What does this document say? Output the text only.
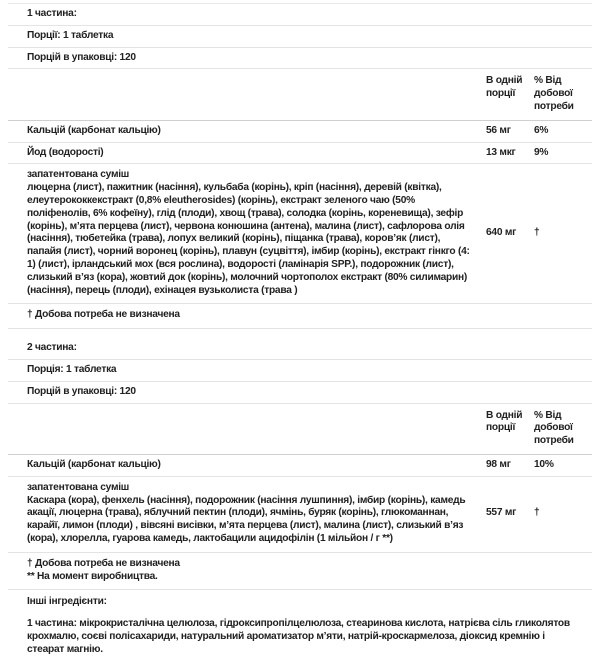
1 частина:
Порції: 1 таблетка
Порцій в упаковці: 120
В одній порції
% Від добової потреби
Кальцій (карбонат кальцію)	56 мг	6%
Йод (водорості)	13 мкг	9%
запатентована суміш
люцерна (лист), пажитник (насіння), кульбаба (корінь), кріп (насіння), деревій (квітка), елеутерококкекстракт (0,8% eleutherosides) (корінь), екстракт зеленого чаю (50% поліфенолів, 6% кофеїну), глід (плоди), хвощ (трава), солодка (корінь, кореневища), зефір (корінь), м’ята перцева (лист), червона конюшина (антена), малина (лист), сафлорова олія (насіння), тюбетейка (трава), лопух великий (корінь), піщанка (трава), коров’як (лист), папайя (лист), чорний воронец (корінь), плавун (суцвіття), імбир (корінь), екстракт гінкго (4: 1) (лист), ірландський мох (вся рослина), водорості (ламінарія SPP.), подорожник (лист), слизький в’яз (кора), жовтий док (корінь), молочний чортополох екстракт (80% силимарин) (насіння), перець (плоди), ехінацея вузьколиста (трава )
640 мг	†
† Добова потреба не визначена
2 частина:
Порція: 1 таблетка
Порцій в упаковці: 120
В одній порції
% Від добової потреби
Кальцій (карбонат кальцію)	98 мг	10%
запатентована суміш
Каскара (кора), фенхель (насіння), подорожник (насіння лушпиння), імбир (корінь), камедь акації, люцерна (трава), яблучний пектин (плоди), ячмінь, буряк (корінь), глюкоманнан, карайї, лимон (плоди) , вівсяні висівки, м’ята перцева (лист), малина (лист), слизький в’яз (кора), хлорелла, гуарова камедь, лактобацили ацидофілін (1 мільйон / г **)
557 мг	†
† Добова потреба не визначена
** На момент виробництва.
Інші інгредієнти:

1 частина: мікрокристалічна целюлоза, гідроксипропілцелюлоза, стеаринова кислота, натрієва сіль гликолятов крохмалю, соєві полісахариди, натуральний ароматизатор м’яти, натрій-кроскармелоза, діоксид кремнію і стеарат магнію.
